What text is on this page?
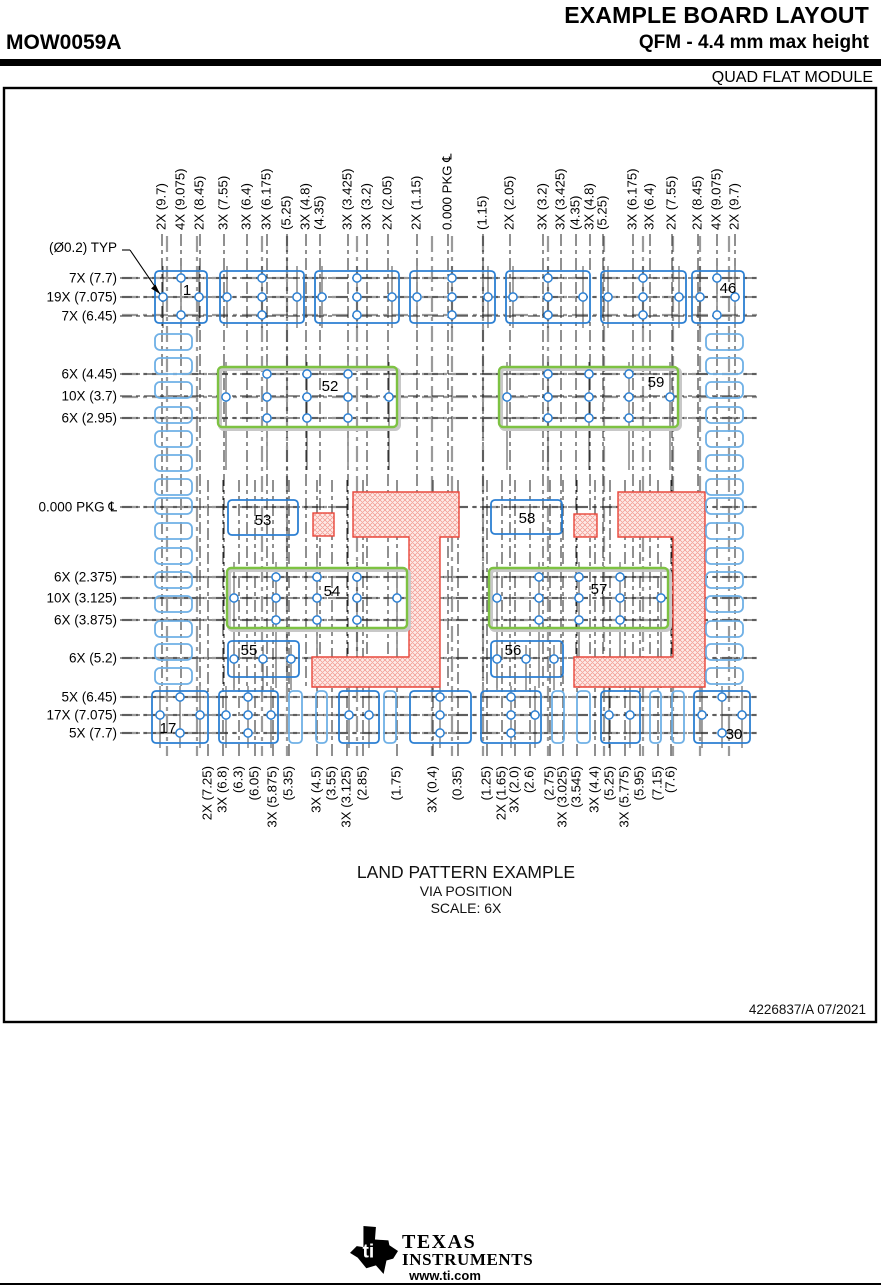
MOW0059A
EXAMPLE BOARD LAYOUT
QFM - 4.4 mm max height
QUAD FLAT MODULE
1	46
17	30
52	59
53	58
54	57
55	56
2X (9.7) 4X (9.075) 2X (8.45) 3X (7.55) 3X (6.4) 3X (6.175) (5.25) 3X (4.8) (4.35) 3X (3.425) 3X (3.2) 2X (2.05) 2X (1.15) 0.000 PKG ℄ (1.15) 2X (2.05) 3X (3.2) 3X (3.425) (4.35) 3X (4.8)
(5.25) 3X (6.175) 3X (6.4) 2X (7.55) 2X (8.45) 4X (9.075) 2X (9.7)
2X (7.25) 3X (6.8) (6.3) (6.05) 3X (5.875) (5.35) 3X (4.5) (3.55) 3X (3.125) (2.85) (1.75) 3X (0.4) (0.35) (1.25) 2X (1.65)
3X (2.0) (2.6) (2.75)
3X (3.025) (3.545) 3X (4.4) (5.25) 3X (5.775) (5.95) (7.15)
(7.6)
7X (7.7)
19X (7.075)
7X (6.45)
6X (4.45)
10X (3.7)
6X (2.95)
0.000 PKG ℄
6X (2.375)
10X (3.125)
6X (3.875)
6X (5.2)
5X (6.45)
17X (7.075)
5X (7.7)
(Ø0.2) TYP
LAND PATTERN EXAMPLE
VIA POSITION
SCALE: 6X
4226837/A 07/2021
ti TEXAS
INSTRUMENTS
www.ti.com
